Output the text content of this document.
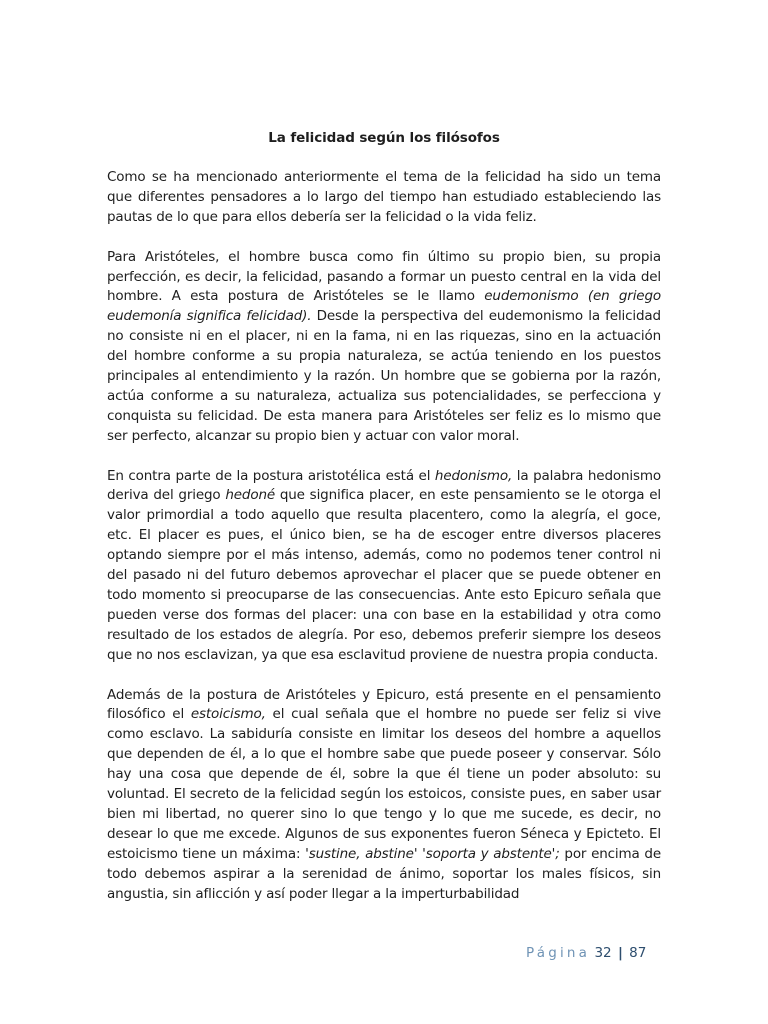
La felicidad según los filósofos

Como se ha mencionado anteriormente el tema de la felicidad ha sido un tema que diferentes pensadores a lo largo del tiempo han estudiado estableciendo las pautas de lo que para ellos debería ser la felicidad o la vida feliz.

Para Aristóteles, el hombre busca como fin último su propio bien, su propia perfección, es decir, la felicidad, pasando a formar un puesto central en la vida del hombre. A esta postura de Aristóteles se le llamo eudemonismo (en griego eudemonía significa felicidad). Desde la perspectiva del eudemonismo la felicidad no consiste ni en el placer, ni en la fama, ni en las riquezas, sino en la actuación del hombre conforme a su propia naturaleza, se actúa teniendo en los puestos principales al entendimiento y la razón. Un hombre que se gobierna por la razón, actúa conforme a su naturaleza, actualiza sus potencialidades, se perfecciona y conquista su felicidad. De esta manera para Aristóteles ser feliz es lo mismo que ser perfecto, alcanzar su propio bien y actuar con valor moral.

En contra parte de la postura aristotélica está el hedonismo, la palabra hedonismo deriva del griego hedoné que significa placer, en este pensamiento se le otorga el valor primordial a todo aquello que resulta placentero, como la alegría, el goce, etc. El placer es pues, el único bien, se ha de escoger entre diversos placeres optando siempre por el más intenso, además, como no podemos tener control ni del pasado ni del futuro debemos aprovechar el placer que se puede obtener en todo momento si preocuparse de las consecuencias. Ante esto Epicuro señala que pueden verse dos formas del placer: una con base en la estabilidad y otra como resultado de los estados de alegría. Por eso, debemos preferir siempre los deseos que no nos esclavizan, ya que esa esclavitud proviene de nuestra propia conducta.

Además de la postura de Aristóteles y Epicuro, está presente en el pensamiento filosófico el estoicismo, el cual señala que el hombre no puede ser feliz si vive como esclavo. La sabiduría consiste en limitar los deseos del hombre a aquellos que dependen de él, a lo que el hombre sabe que puede poseer y conservar. Sólo hay una cosa que depende de él, sobre la que él tiene un poder absoluto: su voluntad. El secreto de la felicidad según los estoicos, consiste pues, en saber usar bien mi libertad, no querer sino lo que tengo y lo que me sucede, es decir, no desear lo que me excede. Algunos de sus exponentes fueron Séneca y Epicteto. El estoicismo tiene un máxima: 'sustine, abstine' 'soporta y abstente'; por encima de todo debemos aspirar a la serenidad de ánimo, soportar los males físicos, sin angustia, sin aflicción y así poder llegar a la imperturbabilidad

Página 32 | 87
